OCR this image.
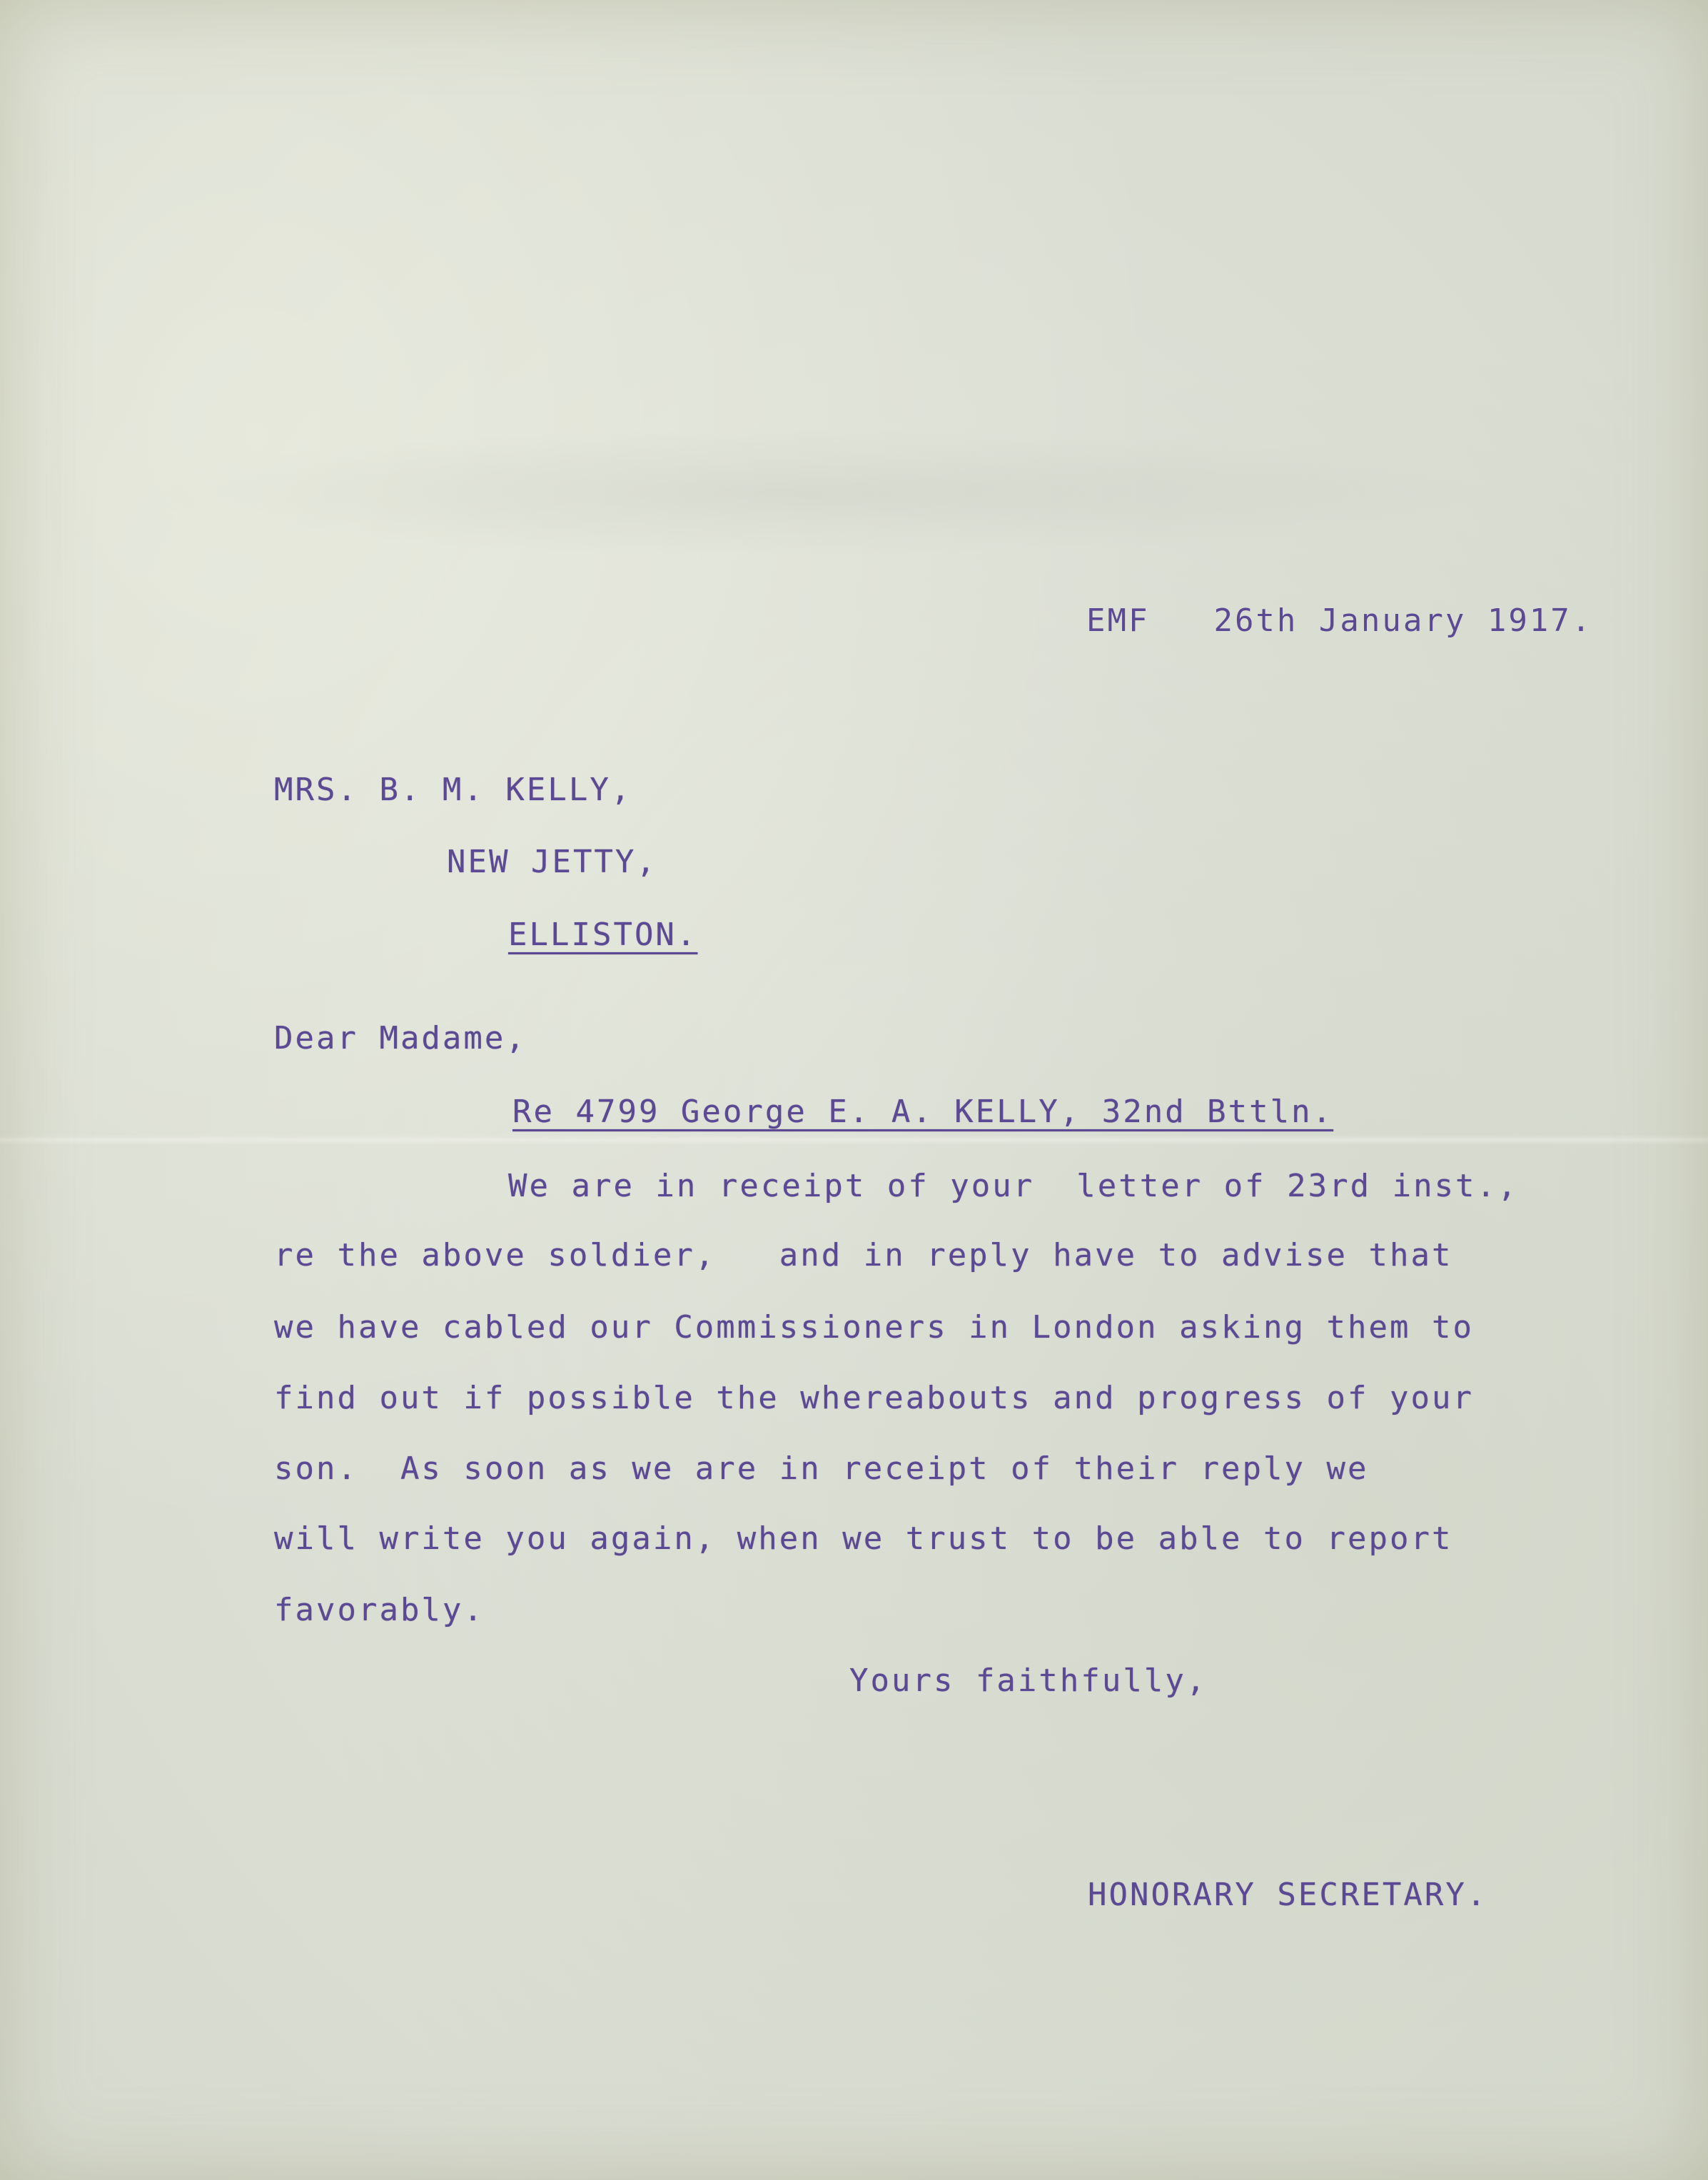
EMF 26th January 1917.

MRS. B. M. KELLY,
NEW JETTY,
ELLISTON.
Dear Madame,
Re 4799 George E. A. KELLY, 32nd Bttln.
We are in receipt of your  letter of 23rd inst.,
re the above soldier,   and in reply have to advise that
we have cabled our Commissioners in London asking them to
find out if possible the whereabouts and progress of your
son.  As soon as we are in receipt of their reply we
will write you again, when we trust to be able to report
favorably.
Yours faithfully,
HONORARY SECRETARY.
